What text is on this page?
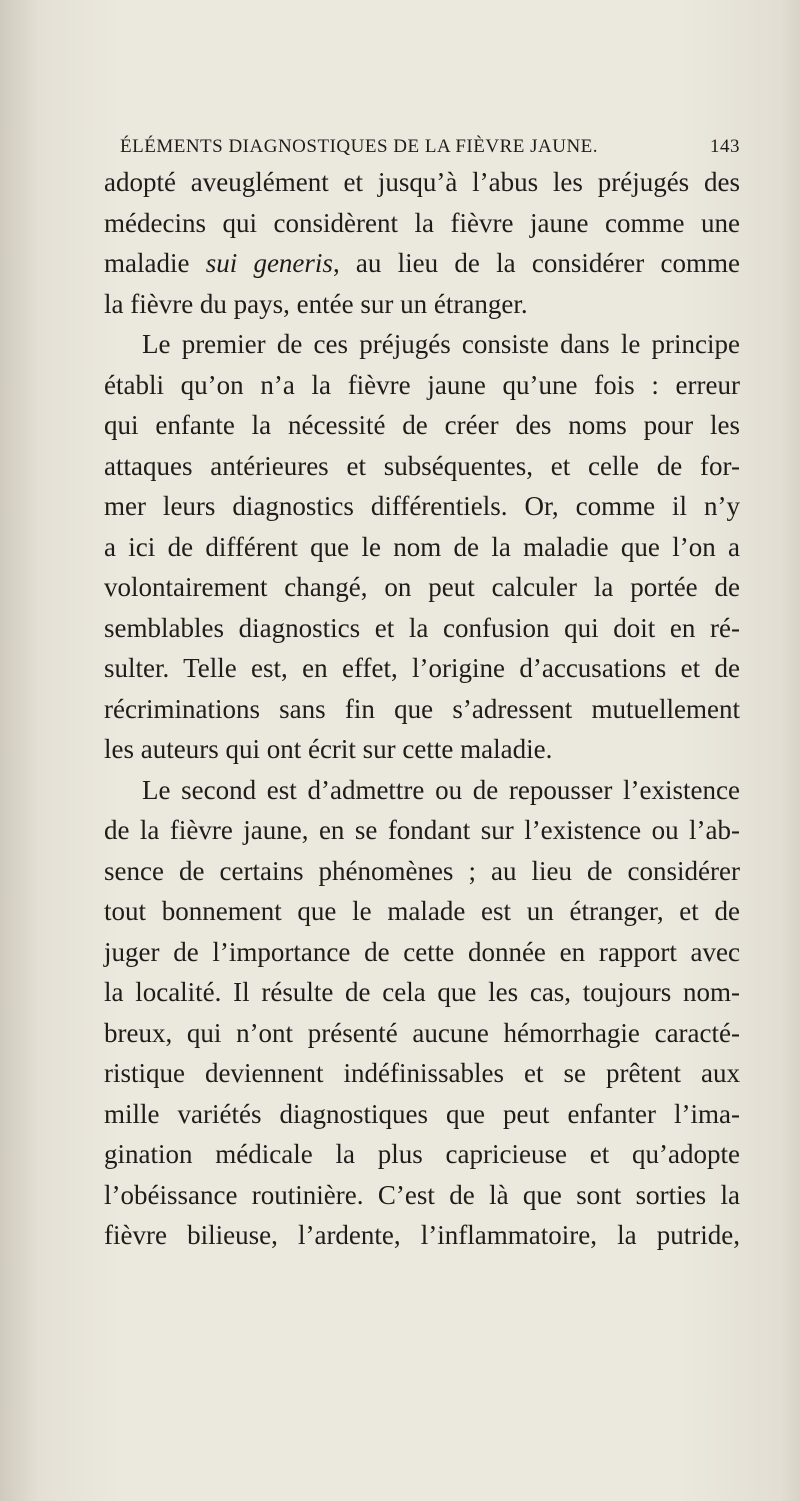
ÉLÉMENTS DIAGNOSTIQUES DE LA FIÈVRE JAUNE.	143
adopté aveuglément et jusqu’à l’abus les préjugés des
médecins qui considèrent la fièvre jaune comme une
maladie sui generis, au lieu de la considérer comme
la fièvre du pays, entée sur un étranger.
Le premier de ces préjugés consiste dans le principe
établi qu’on n’a la fièvre jaune qu’une fois : erreur
qui enfante la nécessité de créer des noms pour les
attaques antérieures et subséquentes, et celle de for-
mer leurs diagnostics différentiels. Or, comme il n’y
a ici de différent que le nom de la maladie que l’on a
volontairement changé, on peut calculer la portée de
semblables diagnostics et la confusion qui doit en ré-
sulter. Telle est, en effet, l’origine d’accusations et de
récriminations sans fin que s’adressent mutuellement
les auteurs qui ont écrit sur cette maladie.
Le second est d’admettre ou de repousser l’existence
de la fièvre jaune, en se fondant sur l’existence ou l’ab-
sence de certains phénomènes ; au lieu de considérer
tout bonnement que le malade est un étranger, et de
juger de l’importance de cette donnée en rapport avec
la localité. Il résulte de cela que les cas, toujours nom-
breux, qui n’ont présenté aucune hémorrhagie caracté-
ristique deviennent indéfinissables et se prêtent aux
mille variétés diagnostiques que peut enfanter l’ima-
gination médicale la plus capricieuse et qu’adopte
l’obéissance routinière. C’est de là que sont sorties la
fièvre bilieuse, l’ardente, l’inflammatoire, la putride,
